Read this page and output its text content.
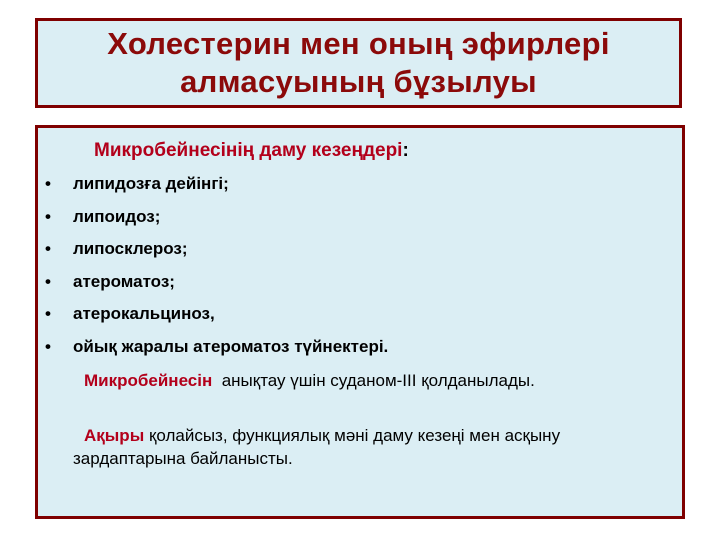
Холестерин мен оның эфирлері
алмасуының бұзылуы
Микробейнесінің даму кезеңдері:
• липидозға дейінгі;
• липоидоз;
• липосклероз;
• атероматоз;
• атерокальциноз,
• ойық жаралы атероматоз түйнектері.
Микробейнесін  анықтау үшін суданом-III қолданылады.
Ақыры қолайсыз, функциялық мәні даму кезеңі мен асқыну зардаптарына байланысты.
